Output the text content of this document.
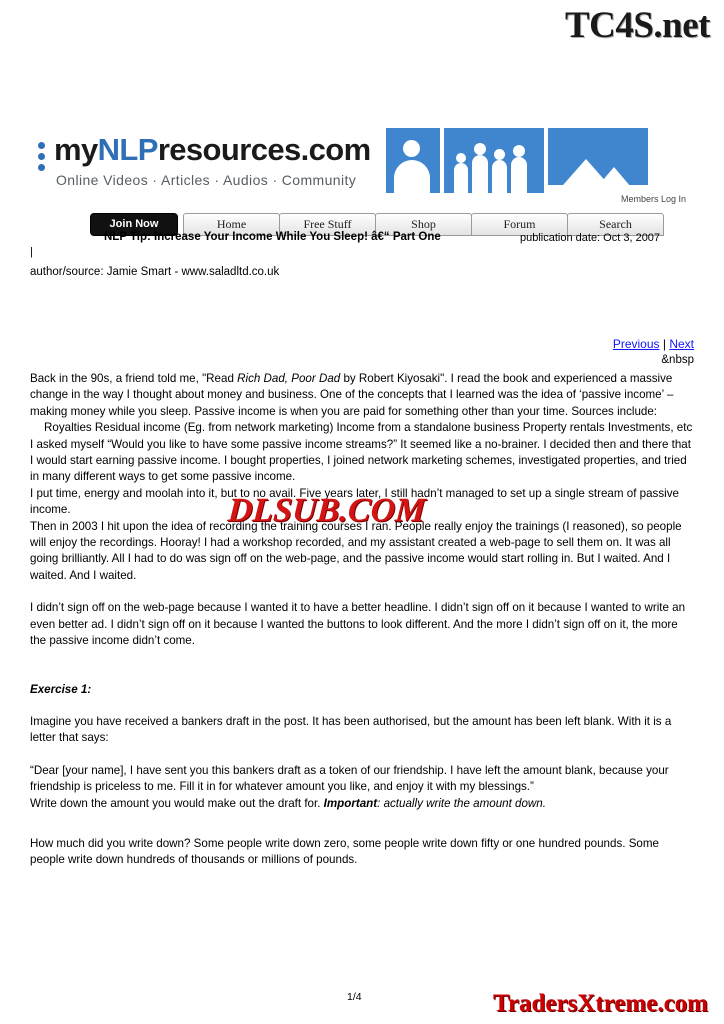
TC4S.net
myNLPresources.com
Online Videos · Articles · Audios · Community
Members Log In
Join Now	Home	Free Stuff	Shop	Forum	Search
NLP Tip: Increase Your Income While You Sleep! â€“ Part One	publication date: Oct 3, 2007
|
author/source: Jamie Smart - www.saladltd.co.uk
Previous | Next
&nbsp

Back in the 90s, a friend told me, "Read Rich Dad, Poor Dad by Robert Kiyosaki". I read the book and experienced a massive change in the way I thought about money and business. One of the concepts that I learned was the idea of ‘passive income’ – making money while you sleep. Passive income is when you are paid for something other than your time. Sources include:

Royalties Residual income (Eg. from network marketing) Income from a standalone business Property rentals Investments, etc

I asked myself “Would you like to have some passive income streams?” It seemed like a no-brainer. I decided then and there that I would start earning passive income. I bought properties, I joined network marketing schemes, investigated properties, and tried in many different ways to get some passive income.

I put time, energy and moolah into it, but to no avail. Five years later, I still hadn’t managed to set up a single stream of passive income.

Then in 2003 I hit upon the idea of recording the training courses I ran. People really enjoy the trainings (I reasoned), so people will enjoy the recordings. Hooray! I had a workshop recorded, and my assistant created a web-page to sell them on. It was all going brilliantly. All I had to do was sign off on the web-page, and the passive income would start rolling in. But I waited. And I waited. And I waited.

I didn’t sign off on the web-page because I wanted it to have a better headline. I didn’t sign off on it because I wanted to write an even better ad. I didn’t sign off on it because I wanted the buttons to look different. And the more I didn’t sign off on it, the more the passive income didn’t come.

Exercise 1:

Imagine you have received a bankers draft in the post. It has been authorised, but the amount has been left blank. With it is a letter that says:

“Dear [your name], I have sent you this bankers draft as a token of our friendship. I have left the amount blank, because your friendship is priceless to me. Fill it in for whatever amount you like, and enjoy it with my blessings.”

Write down the amount you would make out the draft for. Important: actually write the amount down.

How much did you write down? Some people write down zero, some people write down fifty or one hundred pounds. Some people write down hundreds of thousands or millions of pounds.

DLSUB.COM
1/4	TradersXtreme.com
